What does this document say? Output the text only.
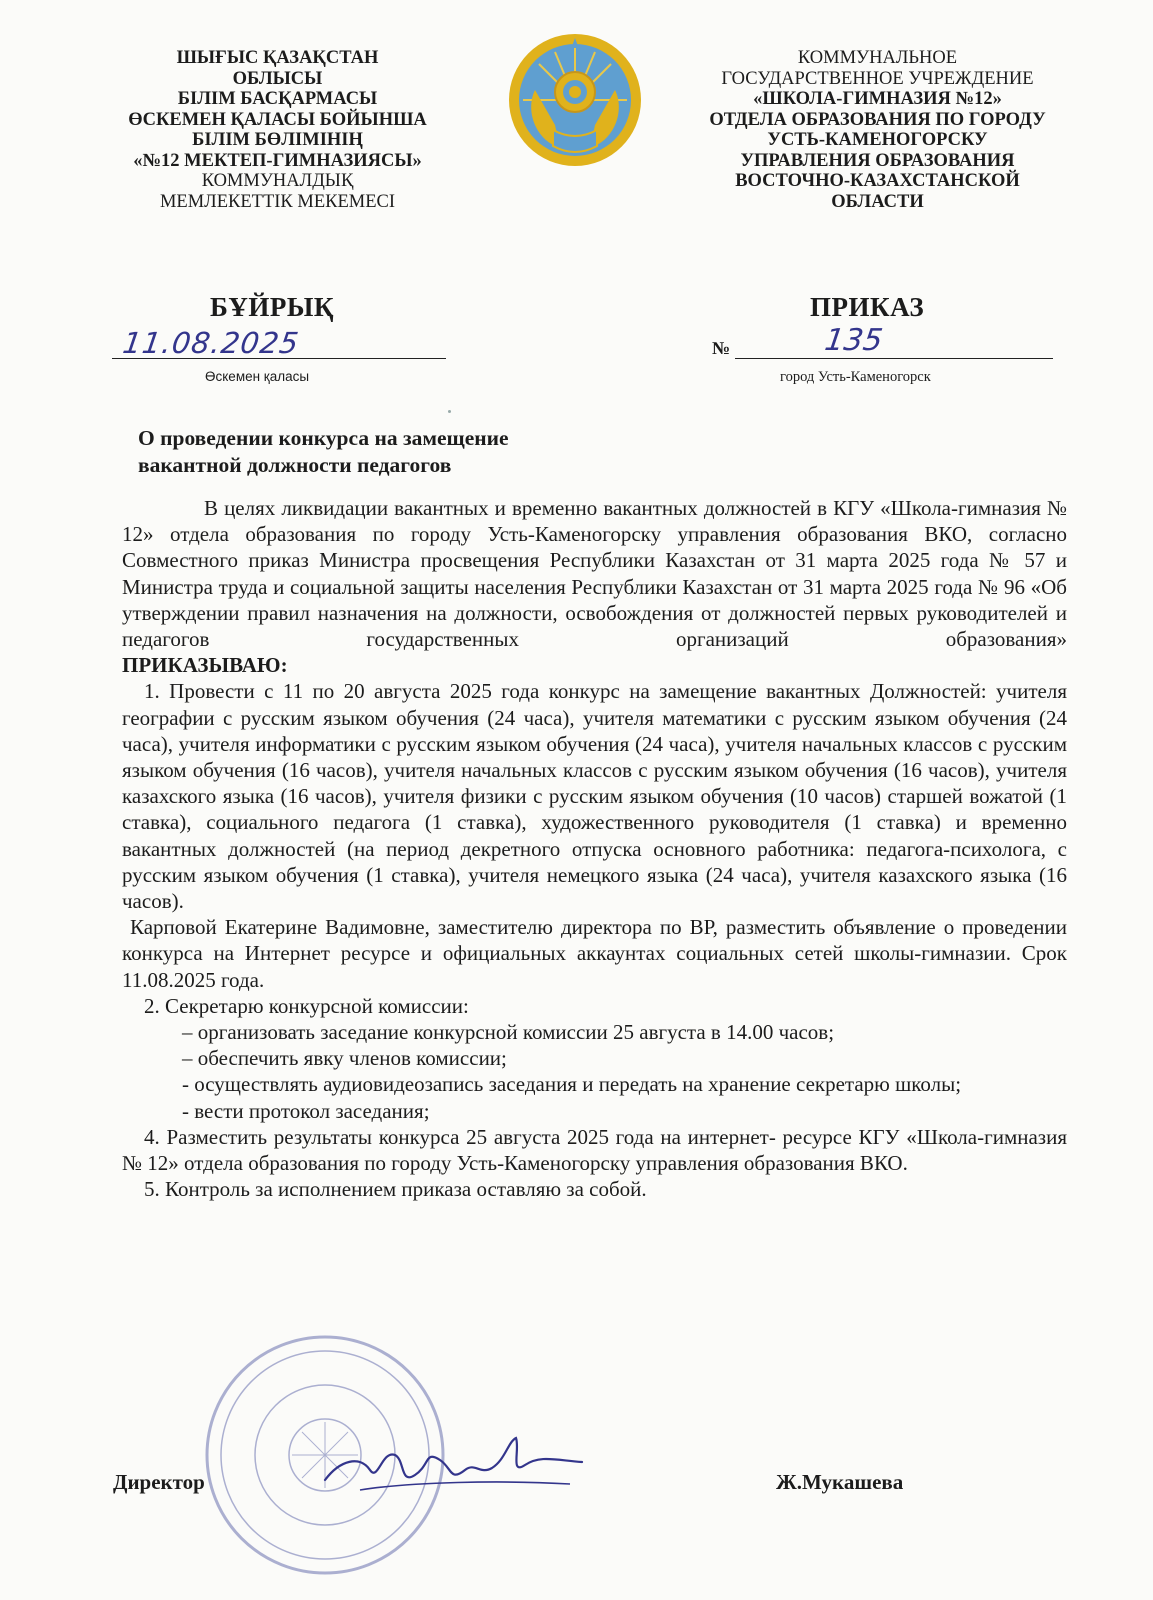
ШЫҒЫС ҚАЗАҚСТАН
ОБЛЫСЫ
БІЛІМ БАСҚАРМАСЫ
ӨСКЕМЕН ҚАЛАСЫ БОЙЫНША
БІЛІМ БӨЛІМІНІҢ
«№12 МЕКТЕП-ГИМНАЗИЯСЫ»
КОММУНАЛДЫҚ
МЕМЛЕКЕТТІК МЕКЕМЕСІ
КОММУНАЛЬНОЕ
ГОСУДАРСТВЕННОЕ УЧРЕЖДЕНИЕ
«ШКОЛА-ГИМНАЗИЯ №12»
ОТДЕЛА ОБРАЗОВАНИЯ ПО ГОРОДУ
УСТЬ-КАМЕНОГОРСКУ
УПРАВЛЕНИЯ ОБРАЗОВАНИЯ
ВОСТОЧНО-КАЗАХСТАНСКОЙ
ОБЛАСТИ
БҰЙРЫҚ	ПРИКАЗ
11.08.2025	№	135
Өскемен қаласы	город Усть-Каменогорск
О проведении конкурса на замещение
вакантной должности педагогов

В целях ликвидации вакантных и временно вакантных должностей в КГУ «Школа-гимназия № 12» отдела образования по городу Усть-Каменогорску управления образования ВКО, согласно Совместного приказ Министра просвещения Республики Казахстан от 31 марта 2025 года № 57 и Министра труда и социальной защиты населения Республики Казахстан от 31 марта 2025 года № 96 «Об утверждении правил назначения на должности, освобождения от должностей первых руководителей и педагогов государственных организаций образования»

ПРИКАЗЫВАЮ:

1. Провести с 11 по 20 августа 2025 года конкурс на замещение вакантных Должностей: учителя географии с русским языком обучения (24 часа), учителя математики с русским языком обучения (24 часа), учителя информатики с русским языком обучения (24 часа), учителя начальных классов с русским языком обучения (16 часов), учителя начальных классов с русским языком обучения (16 часов), учителя казахского языка (16 часов), учителя физики с русским языком обучения (10 часов) старшей вожатой (1 ставка), социального педагога (1 ставка), художественного руководителя (1 ставка) и временно вакантных должностей (на период декретного отпуска основного работника: педагога-психолога, с русским языком обучения (1 ставка), учителя немецкого языка (24 часа), учителя казахского языка (16 часов).

Карповой Екатерине Вадимовне, заместителю директора по ВР, разместить объявление о проведении конкурса на Интернет ресурсе и официальных аккаунтах социальных сетей школы-гимназии. Срок 11.08.2025 года.

2. Секретарю конкурсной комиссии:

– организовать заседание конкурсной комиссии 25 августа в 14.00 часов;

– обеспечить явку членов комиссии;

- осуществлять аудиовидеозапись заседания и передать на хранение секретарю школы;

- вести протокол заседания;

4. Разместить результаты конкурса 25 августа 2025 года на интернет- ресурсе КГУ «Школа-гимназия № 12» отдела образования по городу Усть-Каменогорску управления образования ВКО.

5. Контроль за исполнением приказа оставляю за собой.

Директор	Ж.Мукашева
